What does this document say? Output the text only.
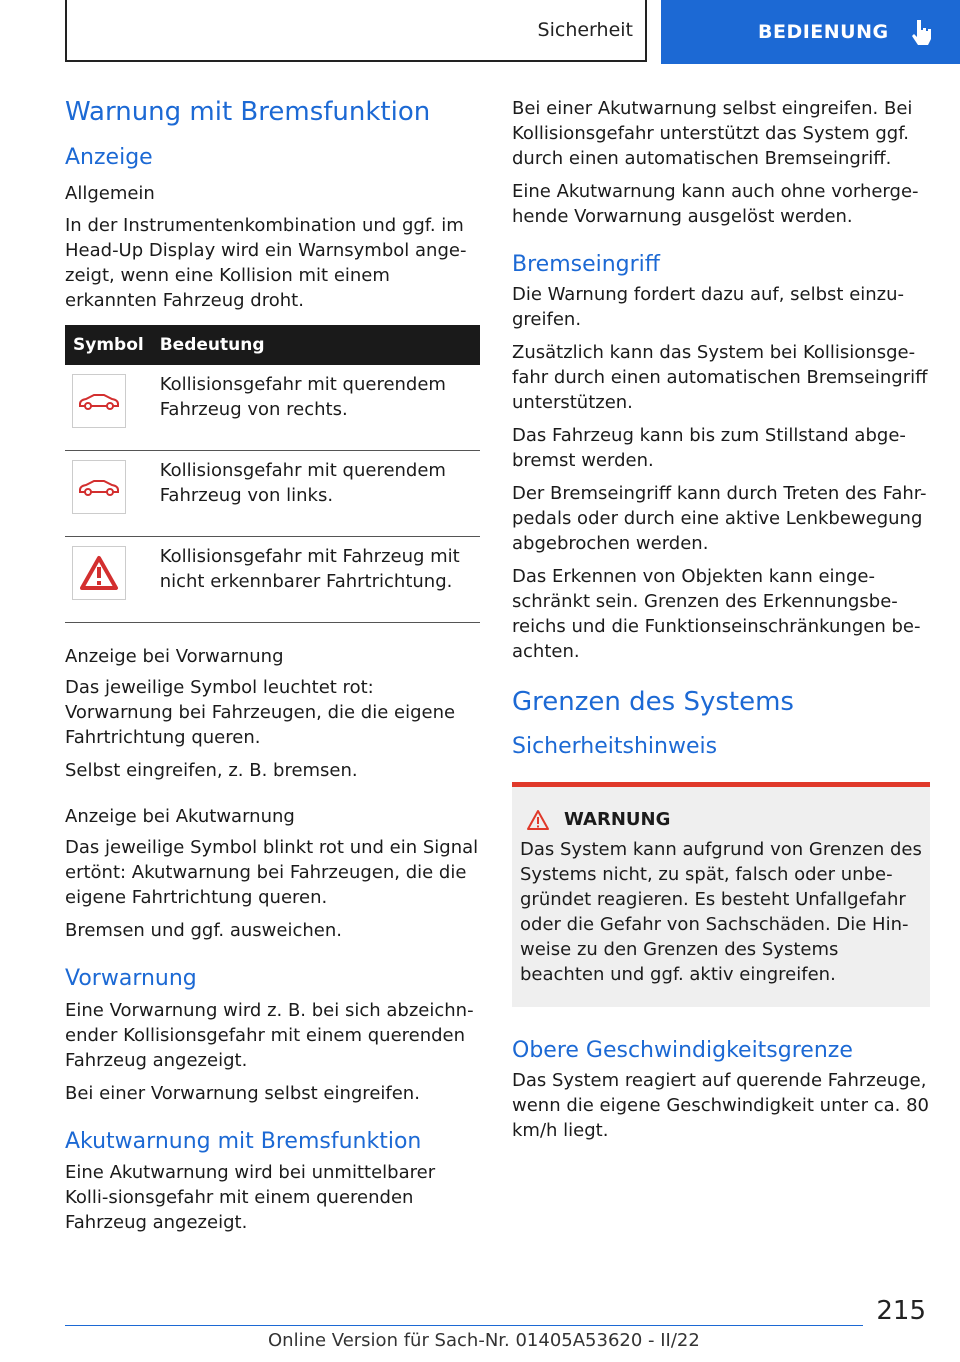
Sicherheit	BEDIENUNG
Warnung mit Bremsfunktion
Anzeige
Allgemein

In der Instrumentenkombination und ggf. im Head-Up Display wird ein Warnsymbol ange-zeigt, wenn eine Kollision mit einem erkannten Fahrzeug droht.

Symbol	Bedeutung

	Kollisionsgefahr mit querendem Fahrzeug von rechts.

	Kollisionsgefahr mit querendem Fahrzeug von links.

	Kollisionsgefahr mit Fahrzeug mit nicht erkennbarer Fahrtrichtung.
Anzeige bei Vorwarnung

Das jeweilige Symbol leuchtet rot: Vorwarnung bei Fahrzeugen, die die eigene Fahrtrichtung queren.

Selbst eingreifen, z. B. bremsen.

Anzeige bei Akutwarnung

Das jeweilige Symbol blinkt rot und ein Signal ertönt: Akutwarnung bei Fahrzeugen, die die eigene Fahrtrichtung queren.

Bremsen und ggf. ausweichen.

Vorwarnung

Eine Vorwarnung wird z. B. bei sich abzeichn-ender Kollisionsgefahr mit einem querenden Fahrzeug angezeigt.

Bei einer Vorwarnung selbst eingreifen.

Akutwarnung mit Bremsfunktion

Eine Akutwarnung wird bei unmittelbarer Kolli-sionsgefahr mit einem querenden Fahrzeug angezeigt.

Bei einer Akutwarnung selbst eingreifen. Bei Kollisionsgefahr unterstützt das System ggf. durch einen automatischen Bremseingriff.

Eine Akutwarnung kann auch ohne vorherge-hende Vorwarnung ausgelöst werden.

Bremseingriff

Die Warnung fordert dazu auf, selbst einzu-greifen.

Zusätzlich kann das System bei Kollisionsge-fahr durch einen automatischen Bremseingriff unterstützen.

Das Fahrzeug kann bis zum Stillstand abge-bremst werden.

Der Bremseingriff kann durch Treten des Fahr-pedals oder durch eine aktive Lenkbewegung abgebrochen werden.

Das Erkennen von Objekten kann einge-schränkt sein. Grenzen des Erkennungsbe-reichs und die Funktionseinschränkungen be-achten.

Grenzen des Systems
Sicherheitshinweis
WARNUNG

Das System kann aufgrund von Grenzen des Systems nicht, zu spät, falsch oder unbe-gründet reagieren. Es besteht Unfallgefahr oder die Gefahr von Sachschäden. Die Hin-weise zu den Grenzen des Systems beachten und ggf. aktiv eingreifen.

Obere Geschwindigkeitsgrenze

Das System reagiert auf querende Fahrzeuge, wenn die eigene Geschwindigkeit unter ca. 80 km/h liegt.

215
Online Version für Sach-Nr. 01405A53620 - II/22
